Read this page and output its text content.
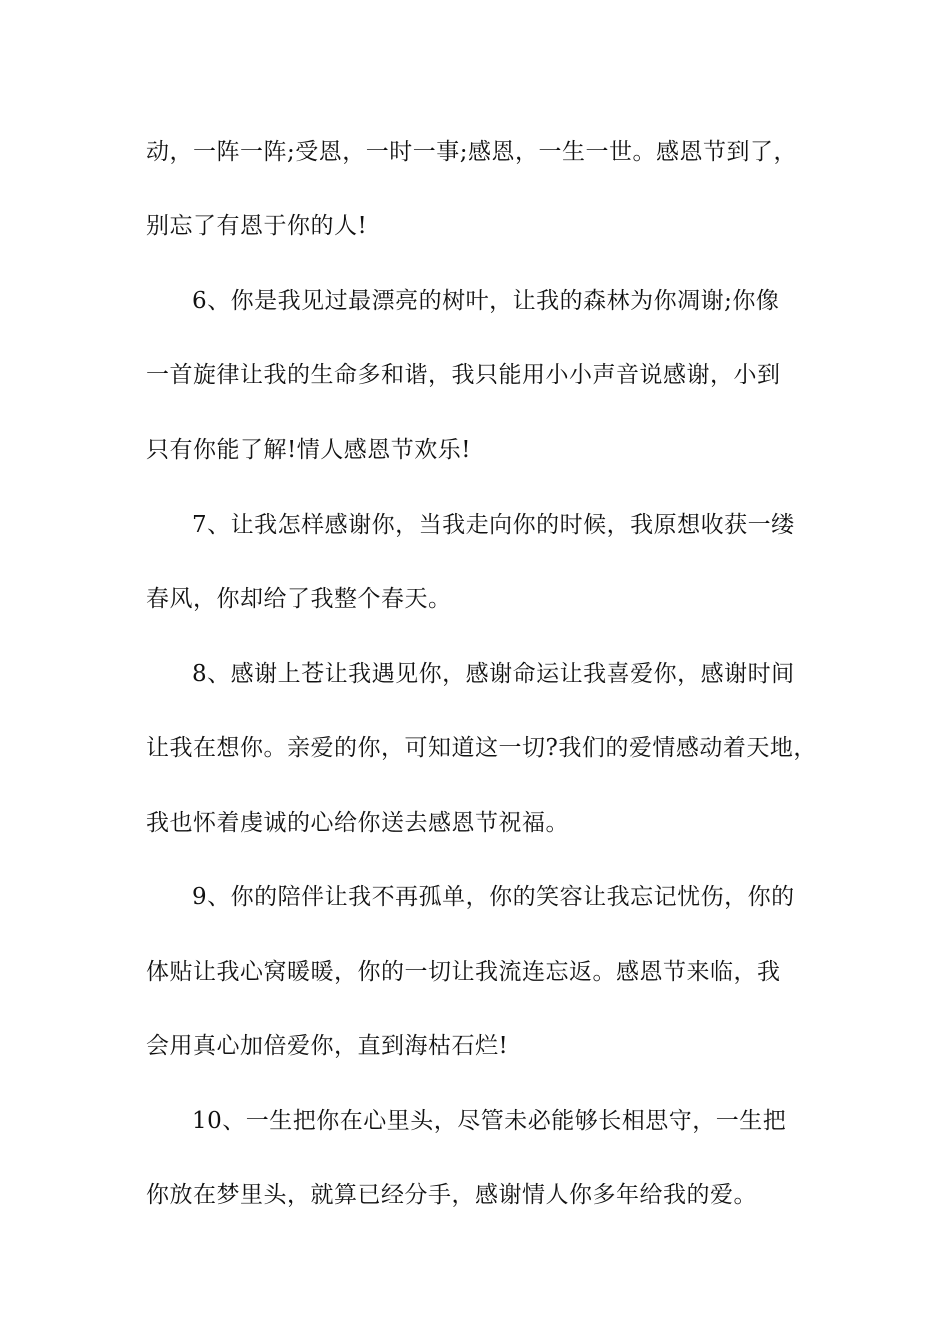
动，一阵一阵;受恩，一时一事;感恩，一生一世。感恩节到了，
别忘了有恩于你的人!
6、你是我见过最漂亮的树叶，让我的森林为你凋谢;你像
一首旋律让我的生命多和谐，我只能用小小声音说感谢，小到
只有你能了解!情人感恩节欢乐!
7、让我怎样感谢你，当我走向你的时候，我原想收获一缕
春风，你却给了我整个春天。
8、感谢上苍让我遇见你，感谢命运让我喜爱你，感谢时间
让我在想你。亲爱的你，可知道这一切?我们的爱情感动着天地，
我也怀着虔诚的心给你送去感恩节祝福。
9、你的陪伴让我不再孤单，你的笑容让我忘记忧伤，你的
体贴让我心窝暖暖，你的一切让我流连忘返。感恩节来临，我
会用真心加倍爱你，直到海枯石烂!
10、一生把你在心里头，尽管未必能够长相思守，一生把
你放在梦里头，就算已经分手，感谢情人你多年给我的爱。
